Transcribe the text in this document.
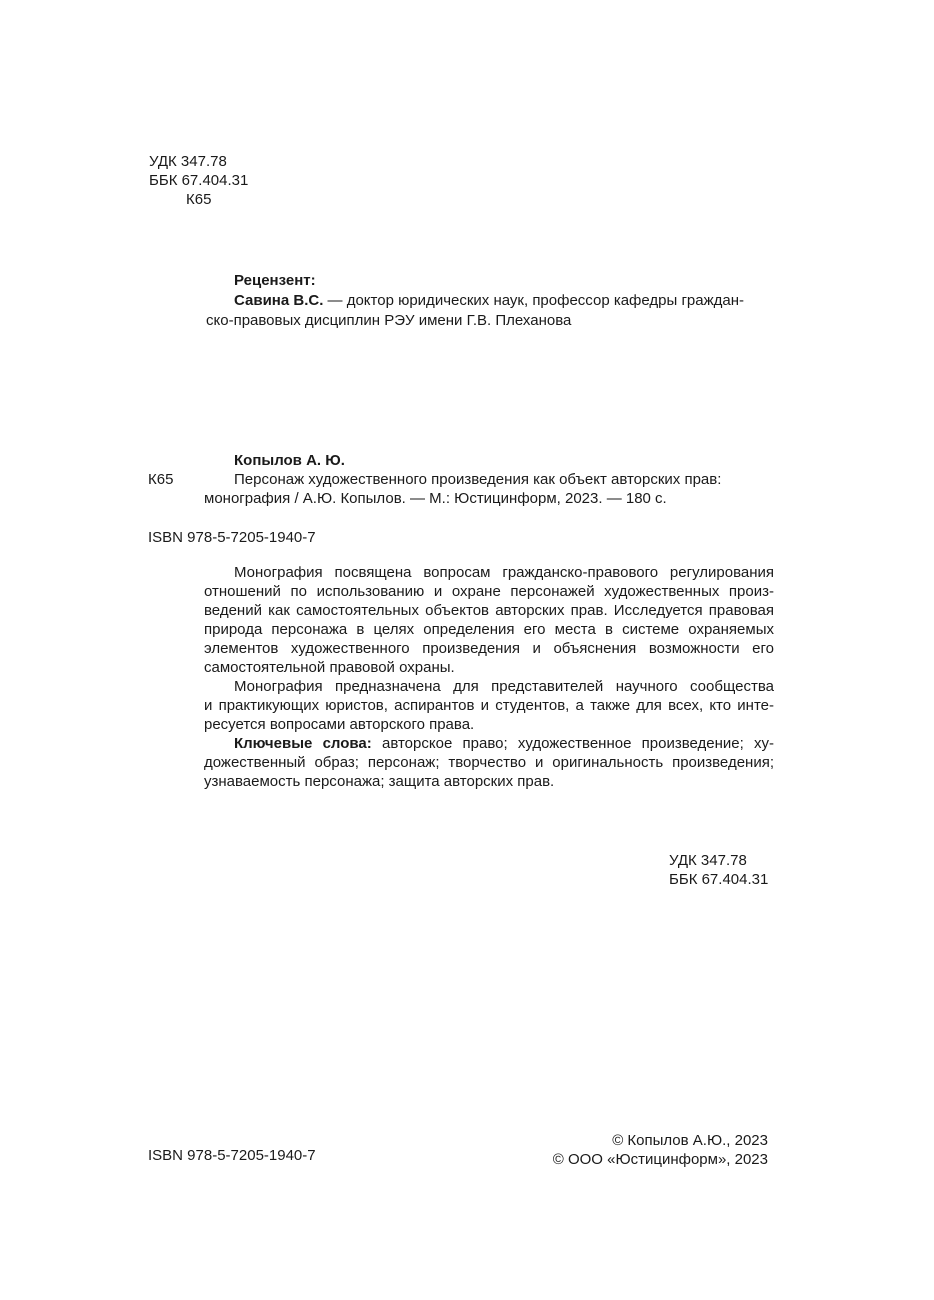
УДК 347.78
ББК 67.404.31
К65
Рецензент:
Савина В.С. — доктор юридических наук, профессор кафедры граждан-
ско-правовых дисциплин РЭУ имени Г.В. Плеханова
Копылов А. Ю.
К65	Персонаж художественного произведения как объект авторских прав:
монография / А.Ю. Копылов. — М.: Юстицинформ, 2023. — 180 с.
ISBN 978-5-7205-1940-7
Монография посвящена вопросам гражданско-правового регулирования
отношений по использованию и охране персонажей художественных произ-
ведений как самостоятельных объектов авторских прав. Исследуется правовая
природа персонажа в целях определения его места в системе охраняемых
элементов художественного произведения и объяснения возможности его
самостоятельной правовой охраны.
Монография предназначена для представителей научного сообщества
и практикующих юристов, аспирантов и студентов, а также для всех, кто инте-
ресуется вопросами авторского права.
Ключевые слова: авторское право; художественное произведение; ху-
дожественный образ; персонаж; творчество и оригинальность произведения;
узнаваемость персонажа; защита авторских прав.
УДК 347.78
ББК 67.404.31
ISBN 978-5-7205-1940-7
© Копылов А.Ю., 2023
© ООО «Юстицинформ», 2023
